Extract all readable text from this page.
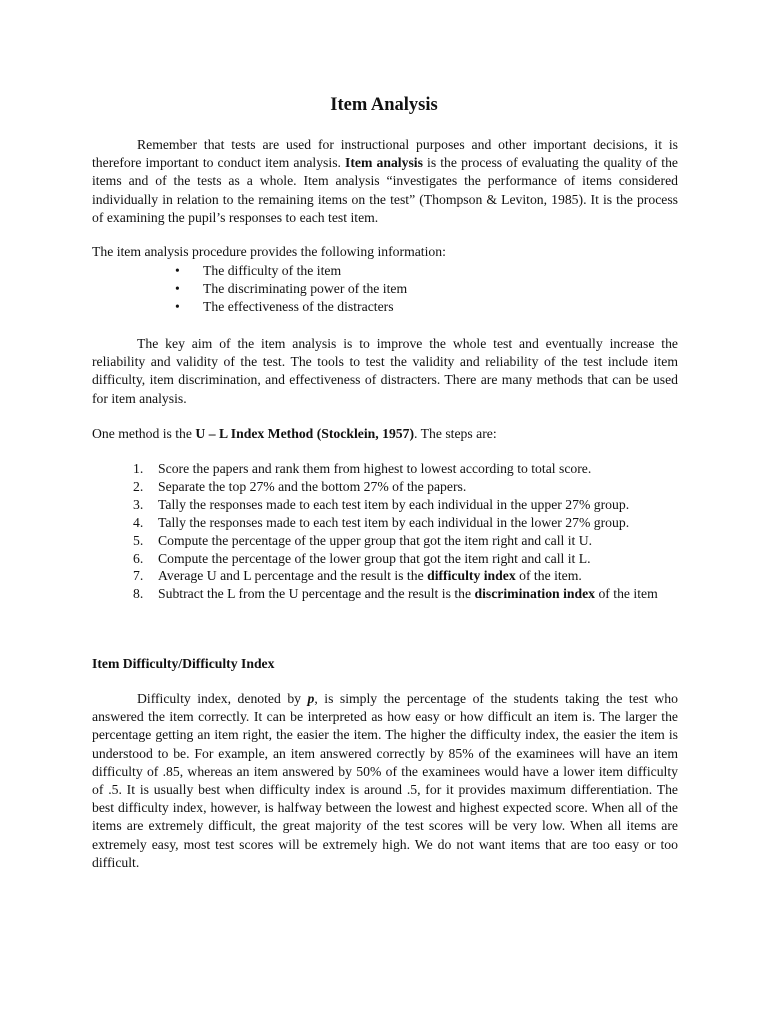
Item Analysis

Remember that tests are used for instructional purposes and other important decisions, it is therefore important to conduct item analysis. Item analysis is the process of evaluating the quality of the items and of the tests as a whole. Item analysis “investigates the performance of items considered individually in relation to the remaining items on the test” (Thompson & Leviton, 1985). It is the process of examining the pupil’s responses to each test item.

The item analysis procedure provides the following information:

• The difficulty of the item
• The discriminating power of the item
• The effectiveness of the distracters

The key aim of the item analysis is to improve the whole test and eventually increase the reliability and validity of the test. The tools to test the validity and reliability of the test include item difficulty, item discrimination, and effectiveness of distracters. There are many methods that can be used for item analysis.

One method is the U – L Index Method (Stocklein, 1957). The steps are:

1. Score the papers and rank them from highest to lowest according to total score.
2. Separate the top 27% and the bottom 27% of the papers.
3. Tally the responses made to each test item by each individual in the upper 27% group.
4. Tally the responses made to each test item by each individual in the lower 27% group.
5. Compute the percentage of the upper group that got the item right and call it U.
6. Compute the percentage of the lower group that got the item right and call it L.
7. Average U and L percentage and the result is the difficulty index of the item.
8. Subtract the L from the U percentage and the result is the discrimination index of the item
Item Difficulty/Difficulty Index

Difficulty index, denoted by p, is simply the percentage of the students taking the test who answered the item correctly. It can be interpreted as how easy or how difficult an item is. The larger the percentage getting an item right, the easier the item. The higher the difficulty index, the easier the item is understood to be. For example, an item answered correctly by 85% of the examinees will have an item difficulty of .85, whereas an item answered by 50% of the examinees would have a lower item difficulty of .5. It is usually best when difficulty index is around .5, for it provides maximum differentiation. The best difficulty index, however, is halfway between the lowest and highest expected score. When all of the items are extremely difficult, the great majority of the test scores will be very low. When all items are extremely easy, most test scores will be extremely high. We do not want items that are too easy or too difficult.
